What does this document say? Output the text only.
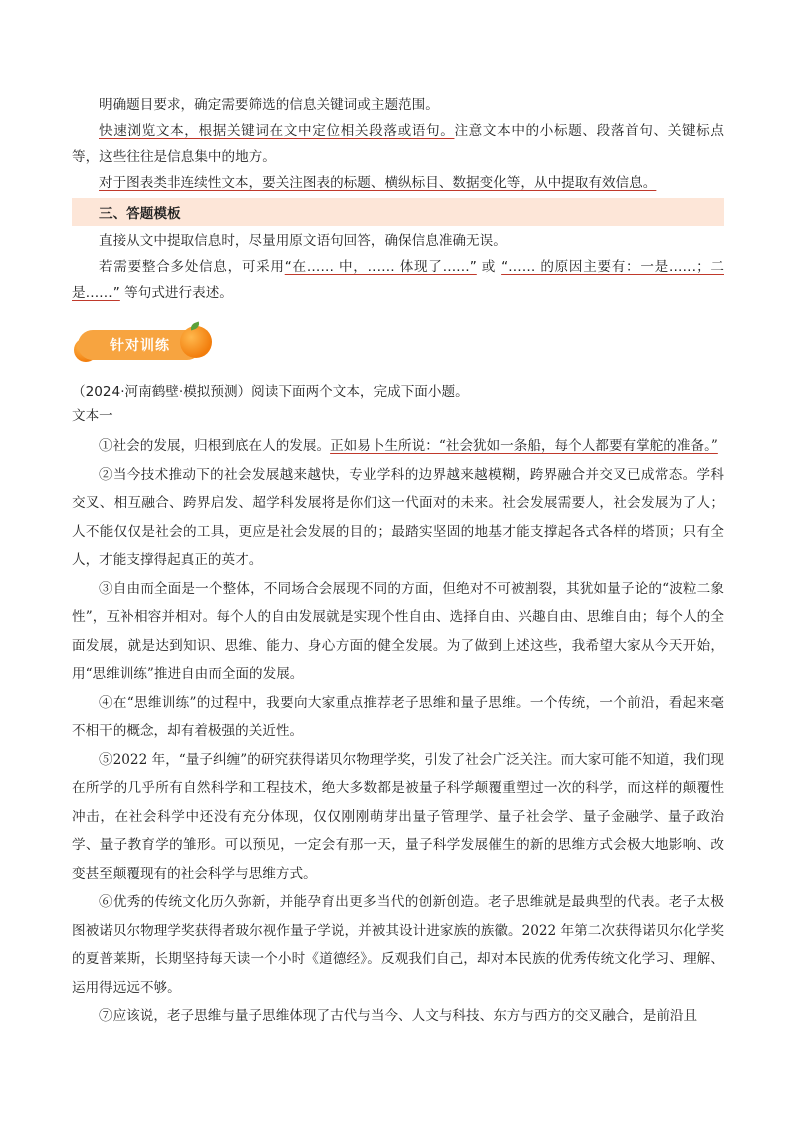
明确题目要求，确定需要筛选的信息关键词或主题范围。

快速浏览文本，根据关键词在文中定位相关段落或语句。注意文本中的小标题、段落首句、关键标点等，这些往往是信息集中的地方。

对于图表类非连续性文本，要关注图表的标题、横纵标目、数据变化等，从中提取有效信息。

三、答题模板

直接从文中提取信息时，尽量用原文语句回答，确保信息准确无误。

若需要整合多处信息，可采用“在…… 中，…… 体现了……” 或 “…… 的原因主要有：一是……；二是……” 等句式进行表述。

针对训练

（2024·河南鹤壁·模拟预测）阅读下面两个文本，完成下面小题。

文本一

①社会的发展，归根到底在人的发展。正如易卜生所说：“社会犹如一条船，每个人都要有掌舵的准备。”

②当今技术推动下的社会发展越来越快，专业学科的边界越来越模糊，跨界融合并交叉已成常态。学科交叉、相互融合、跨界启发、超学科发展将是你们这一代面对的未来。社会发展需要人，社会发展为了人；人不能仅仅是社会的工具，更应是社会发展的目的；最踏实坚固的地基才能支撑起各式各样的塔顶；只有全人，才能支撑得起真正的英才。

③自由而全面是一个整体，不同场合会展现不同的方面，但绝对不可被割裂，其犹如量子论的“波粒二象性”，互补相容并相对。每个人的自由发展就是实现个性自由、选择自由、兴趣自由、思维自由；每个人的全面发展，就是达到知识、思维、能力、身心方面的健全发展。为了做到上述这些，我希望大家从今天开始，用“思维训练”推进自由而全面的发展。

④在“思维训练”的过程中，我要向大家重点推荐老子思维和量子思维。一个传统，一个前沿，看起来毫不相干的概念，却有着极强的关近性。

⑤2022 年，“量子纠缠”的研究获得诺贝尔物理学奖，引发了社会广泛关注。而大家可能不知道，我们现在所学的几乎所有自然科学和工程技术，绝大多数都是被量子科学颠覆重塑过一次的科学，而这样的颠覆性冲击，在社会科学中还没有充分体现，仅仅刚刚萌芽出量子管理学、量子社会学、量子金融学、量子政治学、量子教育学的雏形。可以预见，一定会有那一天，量子科学发展催生的新的思维方式会极大地影响、改变甚至颠覆现有的社会科学与思维方式。

⑥优秀的传统文化历久弥新，并能孕育出更多当代的创新创造。老子思维就是最典型的代表。老子太极图被诺贝尔物理学奖获得者玻尔视作量子学说，并被其设计进家族的族徽。2022 年第二次获得诺贝尔化学奖的夏普莱斯，长期坚持每天读一个小时《道德经》。反观我们自己，却对本民族的优秀传统文化学习、理解、运用得远远不够。

⑦应该说，老子思维与量子思维体现了古代与当今、人文与科技、东方与西方的交叉融合，是前沿且
